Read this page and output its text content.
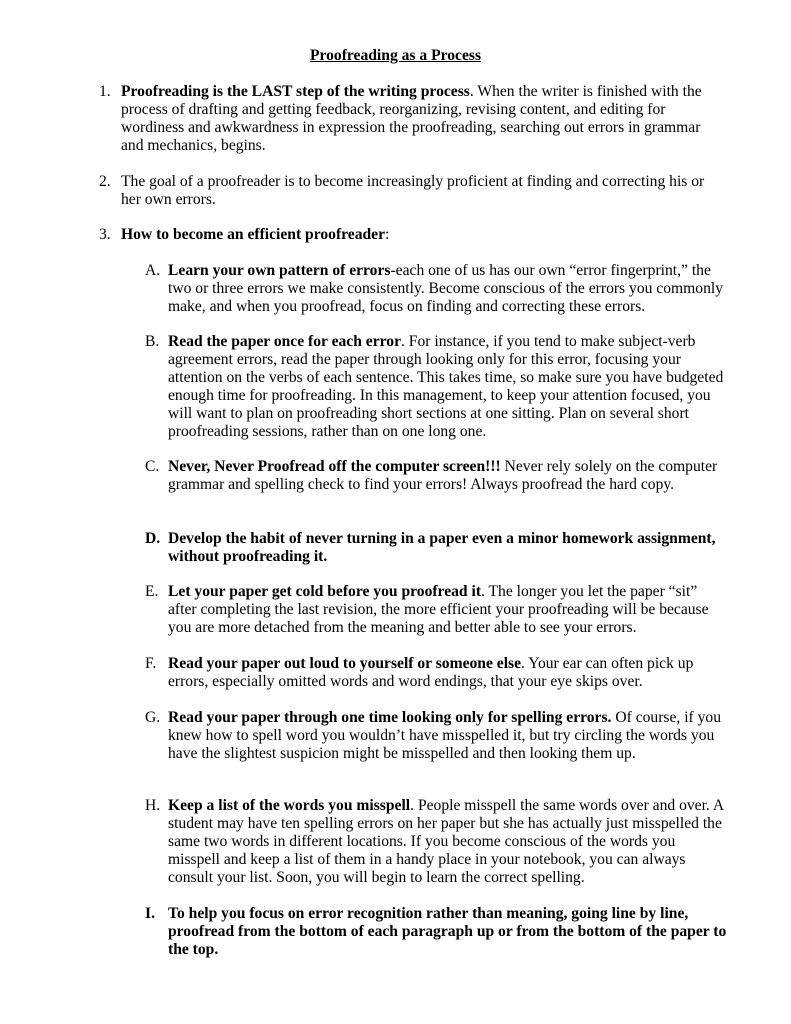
Proofreading as a Process
1. Proofreading is the LAST step of the writing process. When the writer is finished with the process of drafting and getting feedback, reorganizing, revising content, and editing for wordiness and awkwardness in expression the proofreading, searching out errors in grammar and mechanics, begins.

2. The goal of a proofreader is to become increasingly proficient at finding and correcting his or her own errors.

3. How to become an efficient proofreader:

A. Learn your own pattern of errors-each one of us has our own “error fingerprint,” the two or three errors we make consistently. Become conscious of the errors you commonly make, and when you proofread, focus on finding and correcting these errors.

B. Read the paper once for each error. For instance, if you tend to make subject-verb agreement errors, read the paper through looking only for this error, focusing your attention on the verbs of each sentence. This takes time, so make sure you have budgeted enough time for proofreading. In this management, to keep your attention focused, you will want to plan on proofreading short sections at one sitting. Plan on several short proofreading sessions, rather than on one long one.

C. Never, Never Proofread off the computer screen!!! Never rely solely on the computer grammar and spelling check to find your errors! Always proofread the hard copy.

D. Develop the habit of never turning in a paper even a minor homework assignment, without proofreading it.

E. Let your paper get cold before you proofread it. The longer you let the paper “sit” after completing the last revision, the more efficient your proofreading will be because you are more detached from the meaning and better able to see your errors.

F. Read your paper out loud to yourself or someone else. Your ear can often pick up errors, especially omitted words and word endings, that your eye skips over.

G. Read your paper through one time looking only for spelling errors. Of course, if you knew how to spell word you wouldn’t have misspelled it, but try circling the words you have the slightest suspicion might be misspelled and then looking them up.

H. Keep a list of the words you misspell. People misspell the same words over and over. A student may have ten spelling errors on her paper but she has actually just misspelled the same two words in different locations. If you become conscious of the words you misspell and keep a list of them in a handy place in your notebook, you can always consult your list. Soon, you will begin to learn the correct spelling.

I. To help you focus on error recognition rather than meaning, going line by line, proofread from the bottom of each paragraph up or from the bottom of the paper to the top.
